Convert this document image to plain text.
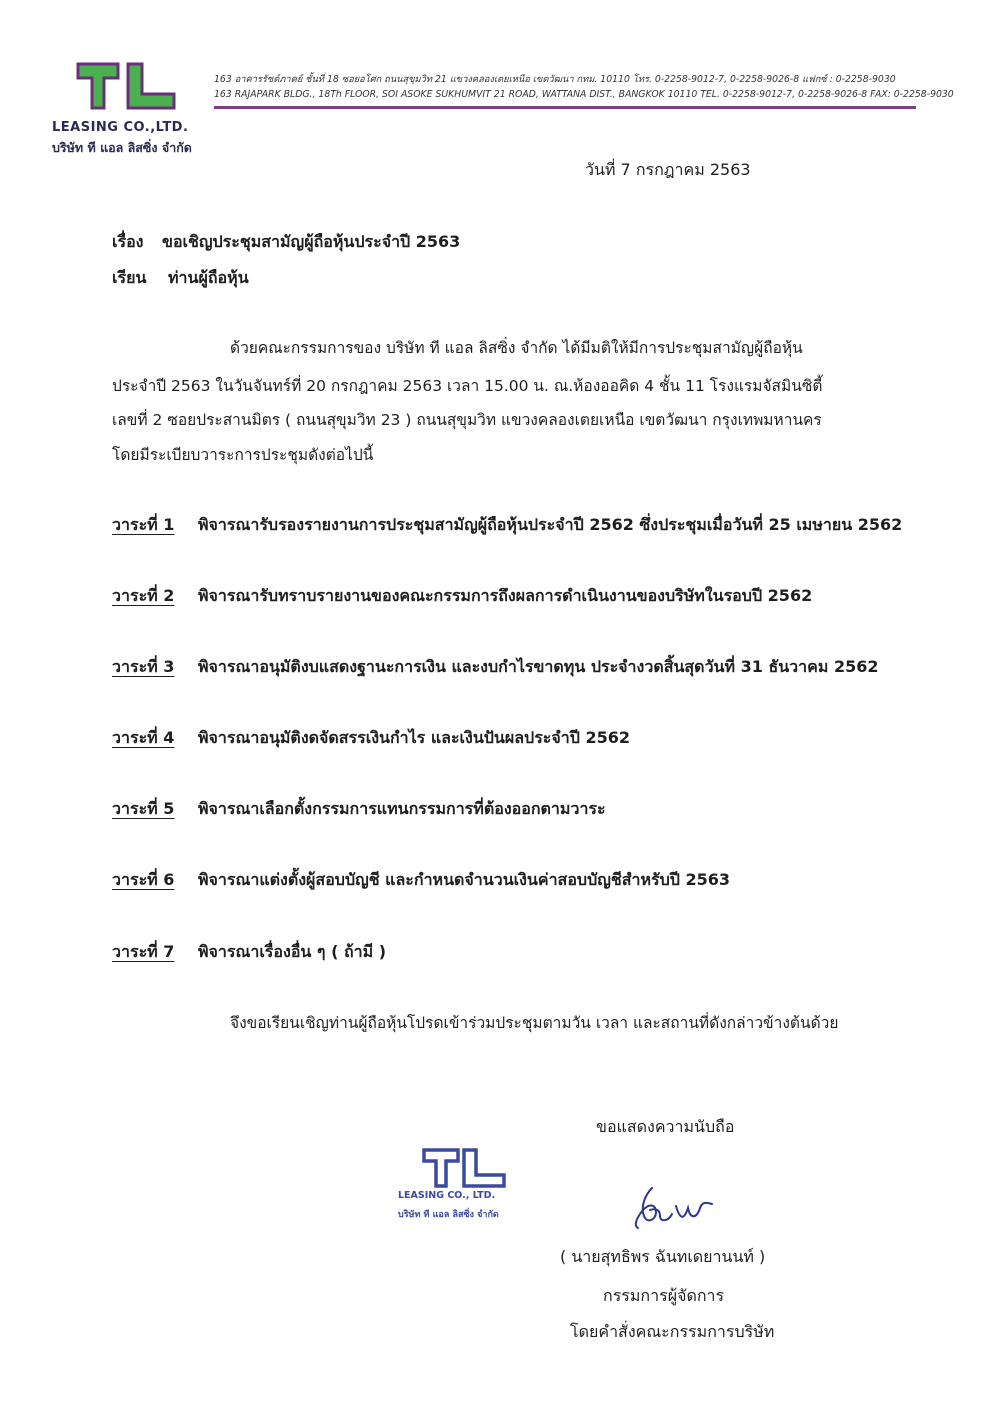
LEASING CO.,LTD.
บริษัท ที แอล ลิสซิ่ง จำกัด
163 อาคารรัชต์ภาคย์ ชั้นที่ 18 ซอยอโศก ถนนสุขุมวิท 21 แขวงคลองเตยเหนือ เขตวัฒนา กทม. 10110 โทร. 0-2258-9012-7, 0-2258-9026-8 แฟกซ์ : 0-2258-9030
163 RAJAPARK BLDG., 18Th FLOOR, SOI ASOKE SUKHUMVIT 21 ROAD, WATTANA DIST., BANGKOK 10110 TEL. 0-2258-9012-7, 0-2258-9026-8 FAX: 0-2258-9030
วันที่ 7 กรกฎาคม 2563
เรื่อง ขอเชิญประชุมสามัญผู้ถือหุ้นประจำปี 2563
เรียน ท่านผู้ถือหุ้น
ด้วยคณะกรรมการของ บริษัท ที แอล ลิสซิ่ง จำกัด ได้มีมติให้มีการประชุมสามัญผู้ถือหุ้น
ประจำปี 2563 ในวันจันทร์ที่ 20 กรกฎาคม 2563 เวลา 15.00 น. ณ.ห้องออคิด 4 ชั้น 11 โรงแรมจัสมินซิตี้
เลขที่ 2 ซอยประสานมิตร ( ถนนสุขุมวิท 23 ) ถนนสุขุมวิท แขวงคลองเตยเหนือ เขตวัฒนา กรุงเทพมหานคร
โดยมีระเบียบวาระการประชุมดังต่อไปนี้
วาระที่ 1 พิจารณารับรองรายงานการประชุมสามัญผู้ถือหุ้นประจำปี 2562 ซึ่งประชุมเมื่อวันที่ 25 เมษายน 2562
วาระที่ 2 พิจารณารับทราบรายงานของคณะกรรมการถึงผลการดำเนินงานของบริษัทในรอบปี 2562
วาระที่ 3 พิจารณาอนุมัติงบแสดงฐานะการเงิน และงบกำไรขาดทุน ประจำงวดสิ้นสุดวันที่ 31 ธันวาคม 2562
วาระที่ 4 พิจารณาอนุมัติงดจัดสรรเงินกำไร และเงินปันผลประจำปี 2562
วาระที่ 5 พิจารณาเลือกตั้งกรรมการแทนกรรมการที่ต้องออกตามวาระ
วาระที่ 6 พิจารณาแต่งตั้งผู้สอบบัญชี และกำหนดจำนวนเงินค่าสอบบัญชีสำหรับปี 2563
วาระที่ 7 พิจารณาเรื่องอื่น ๆ ( ถ้ามี )
จึงขอเรียนเชิญท่านผู้ถือหุ้นโปรดเข้าร่วมประชุมตามวัน เวลา และสถานที่ดังกล่าวข้างต้นด้วย
ขอแสดงความนับถือ
LEASING CO., LTD.
บริษัท ที แอล ลิสซิ่ง จำกัด
( นายสุทธิพร ฉันทเดยานนท์ )
กรรมการผู้จัดการ
โดยคำสั่งคณะกรรมการบริษัท
